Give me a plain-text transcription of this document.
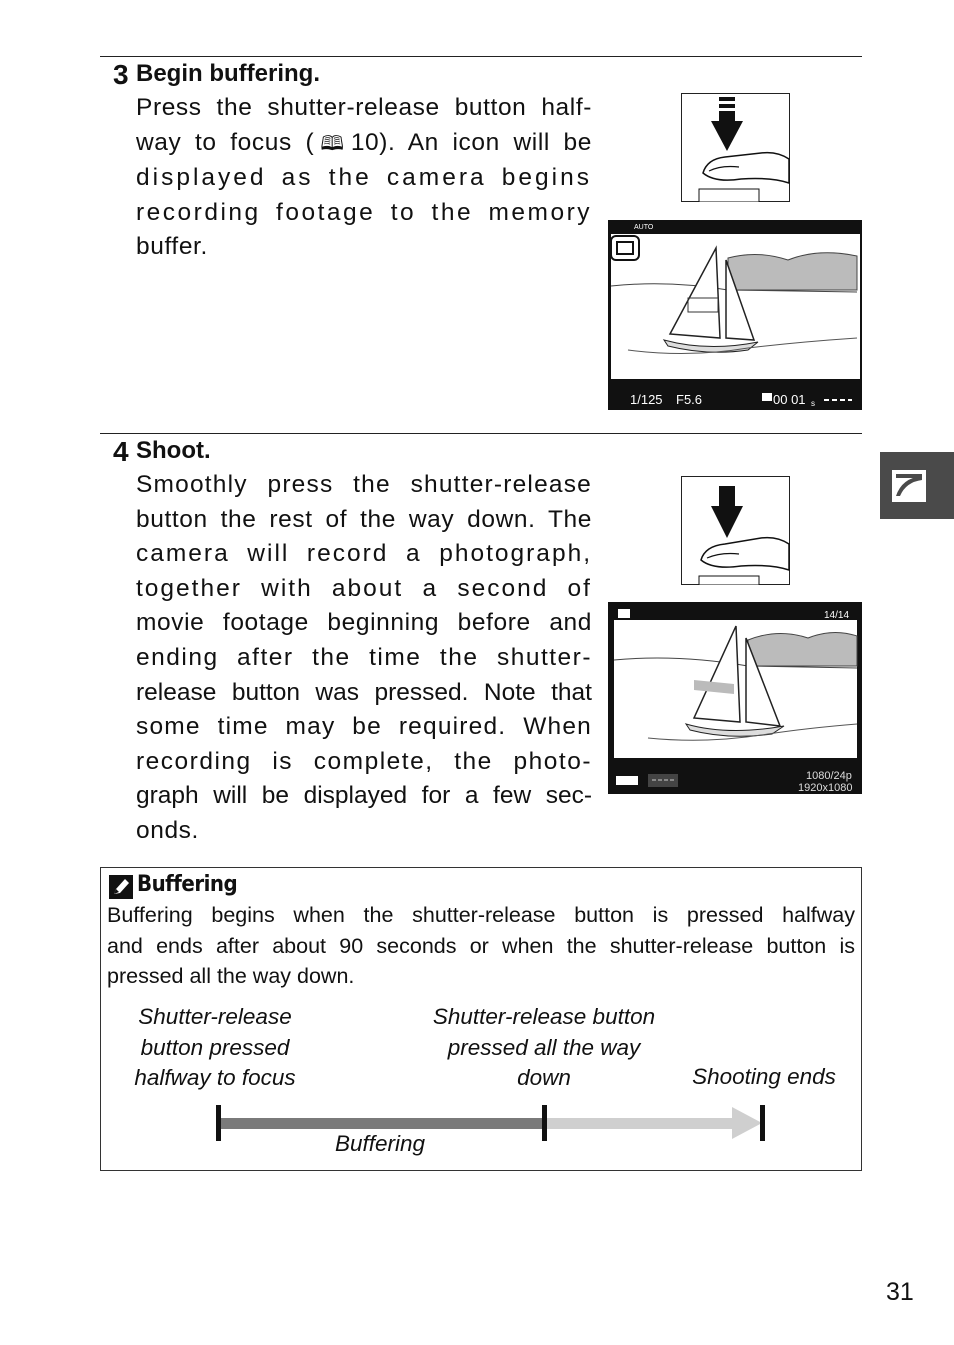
3 Begin buffering.
Press the shutter-release button half-
way to focus (🕮10). An icon will be
displayed as the camera begins
recording footage to the memory
buffer.
AUTO
1/125 F5.6	00 01 s
4 Shoot.
Smoothly press the shutter-release
button the rest of the way down. The
camera will record a photograph,
together with about a second of
movie footage beginning before and
ending after the time the shutter-
release button was pressed. Note that
some time may be required. When
recording is complete, the photo-
graph will be displayed for a few sec-
onds.
14/14
1080/24p
1920x1080
Buffering
Buffering begins when the shutter-release button is pressed halfway
and ends after about 90 seconds or when the shutter-release button is
pressed all the way down.
Shutter-release
button pressed
halfway to focus
Shutter-release button
pressed all the way
down	Shooting ends
Buffering
31
